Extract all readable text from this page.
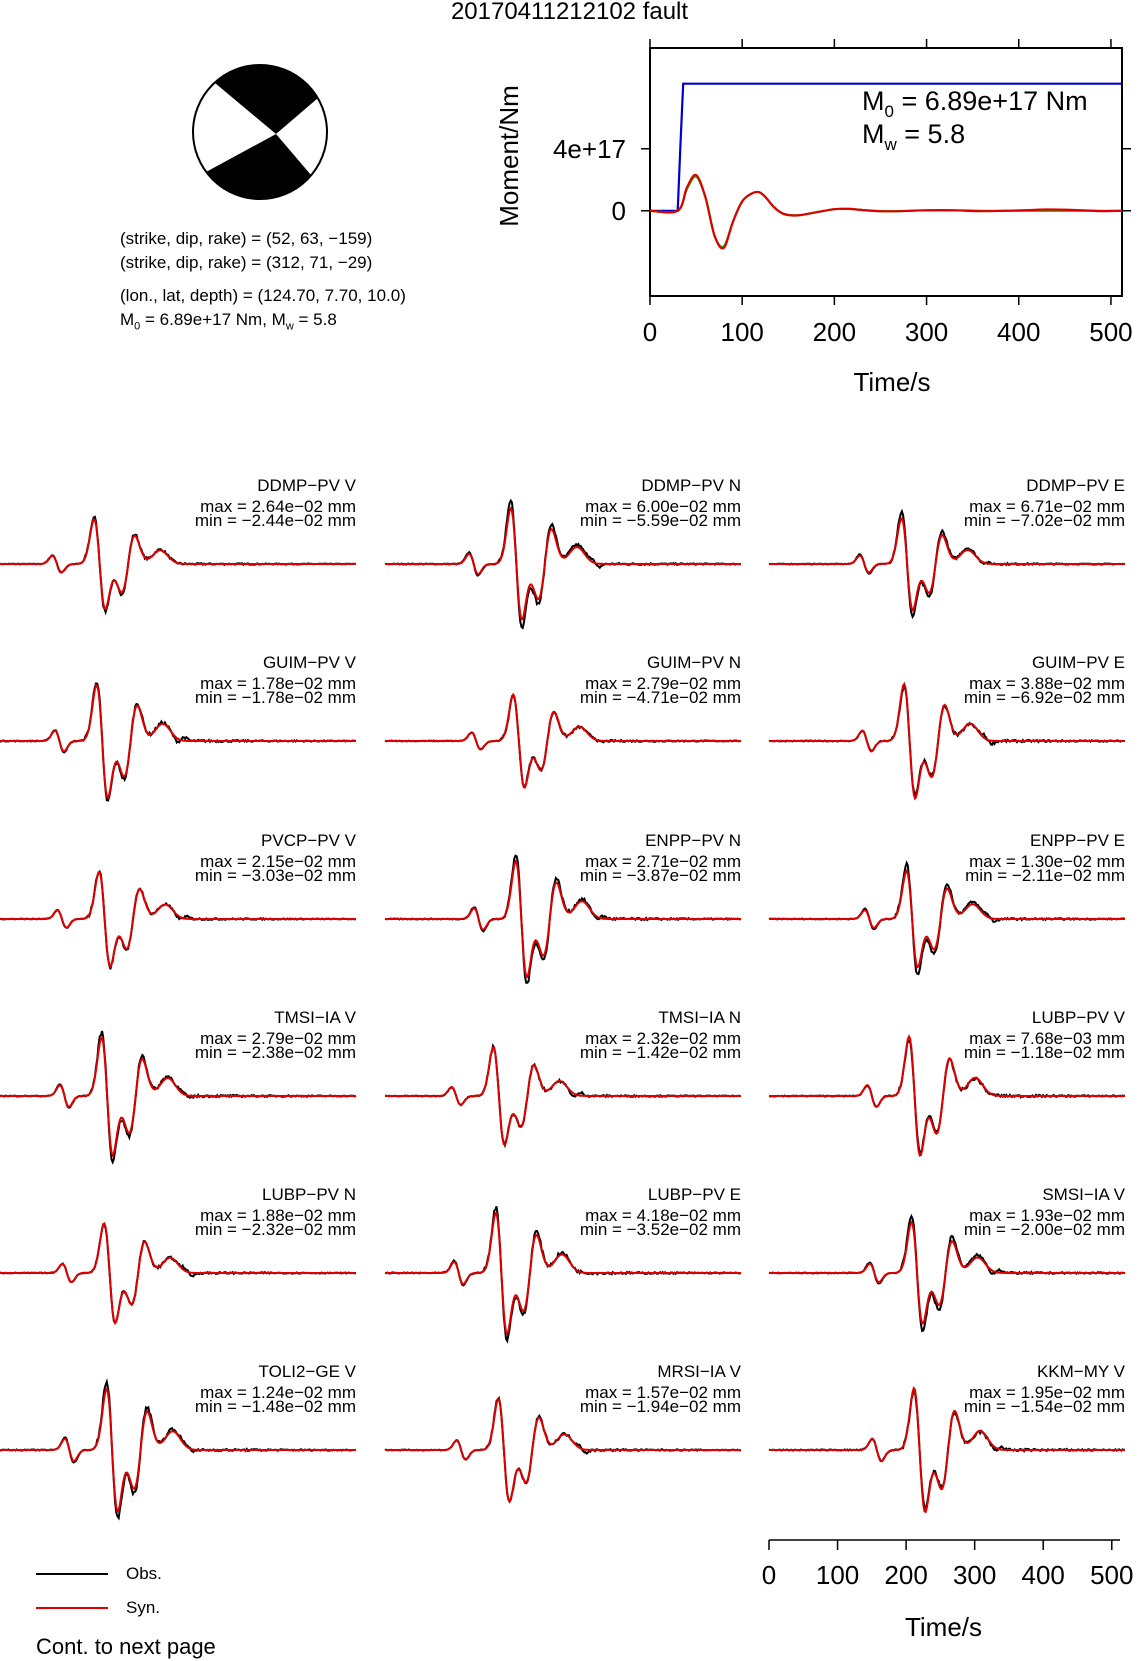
20170411212102 fault
(strike, dip, rake) = (52, 63, −159)
(strike, dip, rake) = (312, 71, −29)
(lon., lat, depth) = (124.70, 7.70, 10.0)
$M_0 = 6.89e+17$ Nm, $M_w = 5.8$	0 100 200 300 400 500
0
4e+17
Time/s
Moment/Nm	$M_0 = 6.89e+17$ Nm
$M_w = 5.8$
0 100 200 300 400 500
Time/s
DDMP−PV V
max = 2.64e−02 mm
min = −2.44e−02 mm
DDMP−PV N
max = 6.00e−02 mm
min = −5.59e−02 mm
DDMP−PV E
max = 6.71e−02 mm
min = −7.02e−02 mm
GUIM−PV V
max = 1.78e−02 mm
min = −1.78e−02 mm
GUIM−PV N
max = 2.79e−02 mm
min = −4.71e−02 mm
GUIM−PV E
max = 3.88e−02 mm
min = −6.92e−02 mm
PVCP−PV V
max = 2.15e−02 mm
min = −3.03e−02 mm
ENPP−PV N
max = 2.71e−02 mm
min = −3.87e−02 mm
ENPP−PV E
max = 1.30e−02 mm
min = −2.11e−02 mm
TMSI−IA V
max = 2.79e−02 mm
min = −2.38e−02 mm
TMSI−IA N
max = 2.32e−02 mm
min = −1.42e−02 mm
LUBP−PV V
max = 7.68e−03 mm
min = −1.18e−02 mm
LUBP−PV N
max = 1.88e−02 mm
min = −2.32e−02 mm
LUBP−PV E
max = 4.18e−02 mm
min = −3.52e−02 mm
SMSI−IA V
max = 1.93e−02 mm
min = −2.00e−02 mm
TOLI2−GE V
max = 1.24e−02 mm
min = −1.48e−02 mm
MRSI−IA V
max = 1.57e−02 mm
min = −1.94e−02 mm
KKM−MY V
max = 1.95e−02 mm
min = −1.54e−02 mm
Obs.
Syn.
Cont. to next page
